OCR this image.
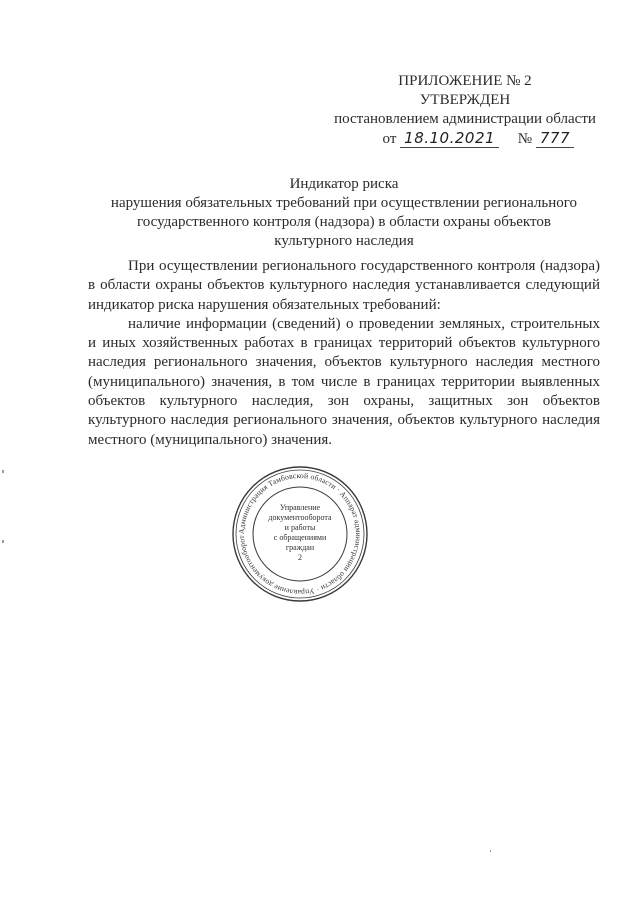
ПРИЛОЖЕНИЕ № 2
УТВЕРЖДЕН
постановлением администрации области
от 18.10.2021 № 777
Индикатор риска
нарушения обязательных требований при осуществлении регионального
государственного контроля (надзора) в области охраны объектов
культурного наследия

При осуществлении регионального государственного контроля (надзора) в области охраны объектов культурного наследия устанавливается следующий индикатор риска нарушения обязательных требований:

наличие информации (сведений) о проведении земляных, строительных и иных хозяйственных работах в границах территорий объектов культурного наследия регионального значения, объектов культурного наследия местного (муниципального) значения, в том числе в границах территории выявленных объектов культурного наследия, зон охраны, защитных зон объектов культурного наследия регионального значения, объектов культурного наследия местного (муниципального) значения.

Администрация Тамбовской области · Аппарат администрации области · Управление документооборот
Управление
документооборота
и работы
с обращениями
граждан
2
